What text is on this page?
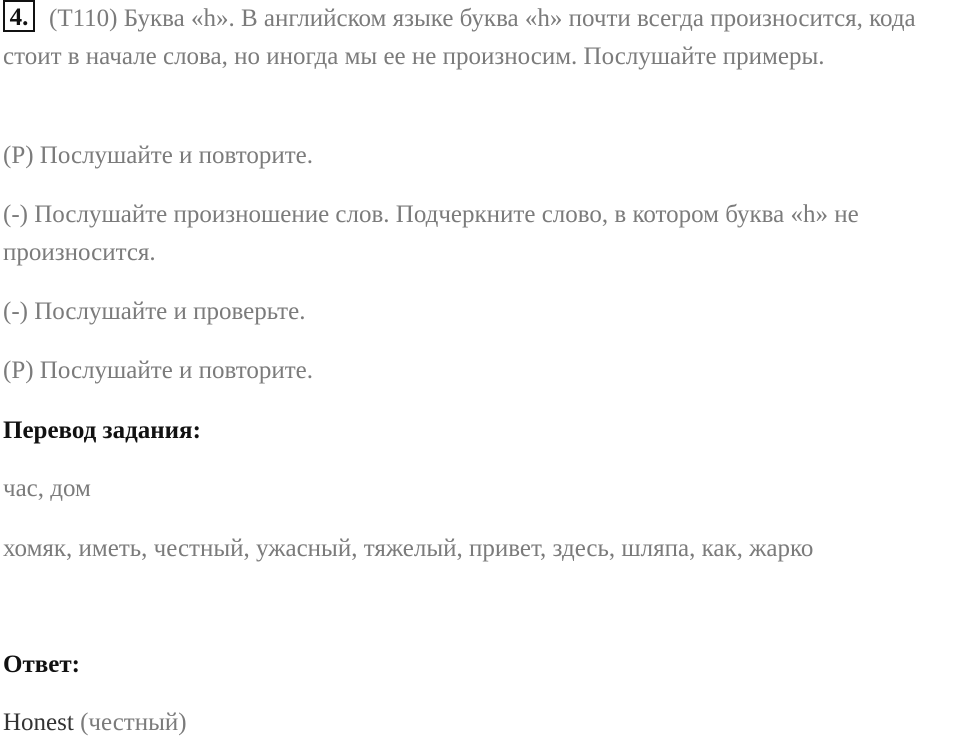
4. (T110) Буква «h». В английском языке буква «h» почти всегда произносится, кода стоит в начале слова, но иногда мы ее не произносим. Послушайте примеры.

(P) Послушайте и повторите.

(-) Послушайте произношение слов. Подчеркните слово, в котором буква «h» не произносится.

(-) Послушайте и проверьте.

(P) Послушайте и повторите.

Перевод задания:

час, дом

хомяк, иметь, честный, ужасный, тяжелый, привет, здесь, шляпа, как, жарко

Ответ:

Honest (честный)
